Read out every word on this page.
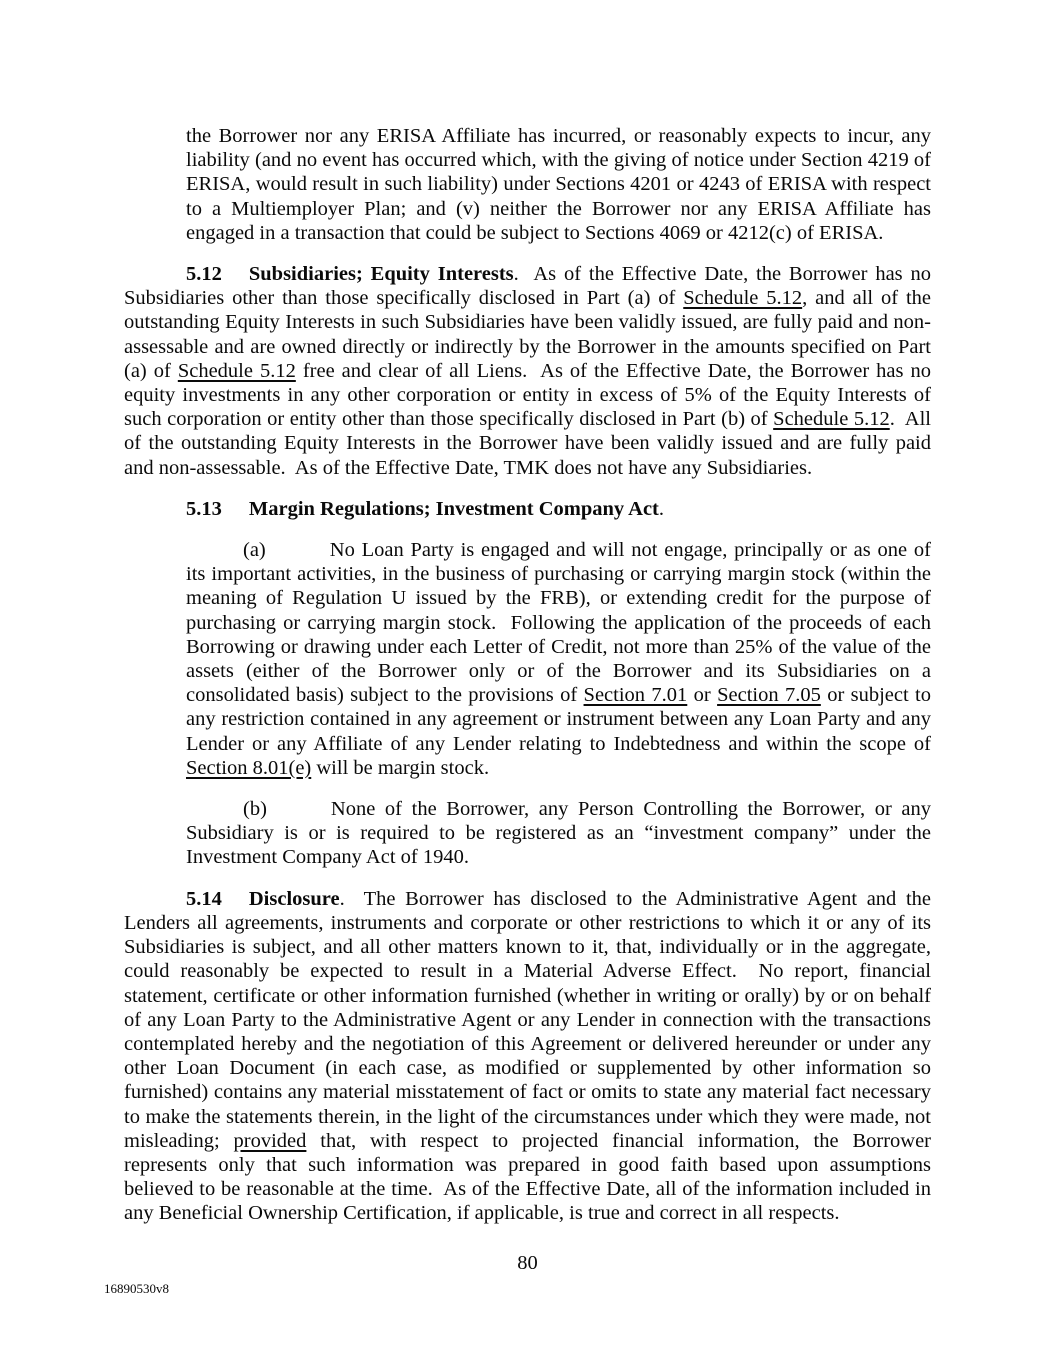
the Borrower nor any ERISA Affiliate has incurred, or reasonably expects to incur, any liability (and no event has occurred which, with the giving of notice under Section 4219 of ERISA, would result in such liability) under Sections 4201 or 4243 of ERISA with respect to a Multiemployer Plan; and (v) neither the Borrower nor any ERISA Affiliate has engaged in a transaction that could be subject to Sections 4069 or 4212(c) of ERISA.

5.12 Subsidiaries; Equity Interests.  As of the Effective Date, the Borrower has no Subsidiaries other than those specifically disclosed in Part (a) of Schedule 5.12, and all of the outstanding Equity Interests in such Subsidiaries have been validly issued, are fully paid and non-assessable and are owned directly or indirectly by the Borrower in the amounts specified on Part (a) of Schedule 5.12 free and clear of all Liens.  As of the Effective Date, the Borrower has no equity investments in any other corporation or entity in excess of 5% of the Equity Interests of such corporation or entity other than those specifically disclosed in Part (b) of Schedule 5.12.  All of the outstanding Equity Interests in the Borrower have been validly issued and are fully paid and non-assessable.  As of the Effective Date, TMK does not have any Subsidiaries.

5.13 Margin Regulations; Investment Company Act.

(a)	No Loan Party is engaged and will not engage, principally or as one of its important activities, in the business of purchasing or carrying margin stock (within the meaning of Regulation U issued by the FRB), or extending credit for the purpose of purchasing or carrying margin stock.  Following the application of the proceeds of each Borrowing or drawing under each Letter of Credit, not more than 25% of the value of the assets (either of the Borrower only or of the Borrower and its Subsidiaries on a consolidated basis) subject to the provisions of Section 7.01 or Section 7.05 or subject to any restriction contained in any agreement or instrument between any Loan Party and any Lender or any Affiliate of any Lender relating to Indebtedness and within the scope of Section 8.01(e) will be margin stock.

(b)	None of the Borrower, any Person Controlling the Borrower, or any Subsidiary is or is required to be registered as an “investment company” under the Investment Company Act of 1940.

5.14 Disclosure.  The Borrower has disclosed to the Administrative Agent and the Lenders all agreements, instruments and corporate or other restrictions to which it or any of its Subsidiaries is subject, and all other matters known to it, that, individually or in the aggregate, could reasonably be expected to result in a Material Adverse Effect.  No report, financial statement, certificate or other information furnished (whether in writing or orally) by or on behalf of any Loan Party to the Administrative Agent or any Lender in connection with the transactions contemplated hereby and the negotiation of this Agreement or delivered hereunder or under any other Loan Document (in each case, as modified or supplemented by other information so furnished) contains any material misstatement of fact or omits to state any material fact necessary to make the statements therein, in the light of the circumstances under which they were made, not misleading; provided that, with respect to projected financial information, the Borrower represents only that such information was prepared in good faith based upon assumptions believed to be reasonable at the time.  As of the Effective Date, all of the information included in any Beneficial Ownership Certification, if applicable, is true and correct in all respects.

80
16890530v8
